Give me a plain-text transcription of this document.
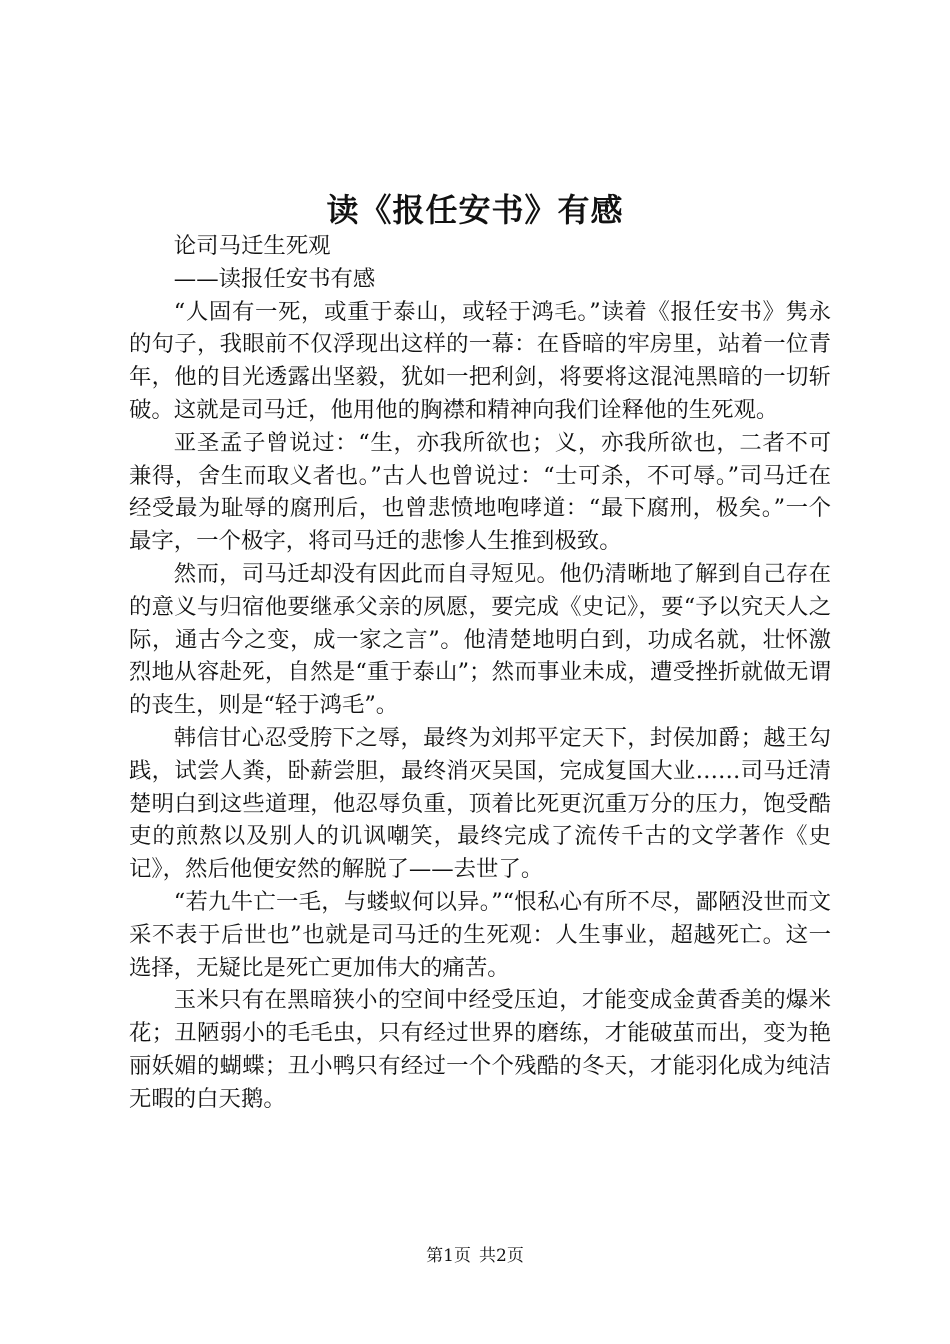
读《报任安书》有感

论司马迁生死观

——读报任安书有感

“人固有一死，或重于泰山，或轻于鸿毛。”读着《报任安书》隽永的句子，我眼前不仅浮现出这样的一幕：在昏暗的牢房里，站着一位青年，他的目光透露出坚毅，犹如一把利剑，将要将这混沌黑暗的一切斩破。这就是司马迁，他用他的胸襟和精神向我们诠释他的生死观。

亚圣孟子曾说过：“生，亦我所欲也；义，亦我所欲也，二者不可兼得，舍生而取义者也。”古人也曾说过：“士可杀，不可辱。”司马迁在经受最为耻辱的腐刑后，也曾悲愤地咆哮道：“最下腐刑，极矣。”一个最字，一个极字，将司马迁的悲惨人生推到极致。

然而，司马迁却没有因此而自寻短见。他仍清晰地了解到自己存在的意义与归宿他要继承父亲的夙愿，要完成《史记》，要“予以究天人之际，通古今之变，成一家之言”。他清楚地明白到，功成名就，壮怀激烈地从容赴死，自然是“重于泰山”；然而事业未成，遭受挫折就做无谓的丧生，则是“轻于鸿毛”。

韩信甘心忍受胯下之辱，最终为刘邦平定天下，封侯加爵；越王勾践，试尝人粪，卧薪尝胆，最终消灭吴国，完成复国大业……司马迁清楚明白到这些道理，他忍辱负重，顶着比死更沉重万分的压力，饱受酷吏的煎熬以及别人的讥讽嘲笑，最终完成了流传千古的文学著作《史记》，然后他便安然的解脱了——去世了。

“若九牛亡一毛，与蝼蚁何以异。”“恨私心有所不尽，鄙陋没世而文采不表于后世也”也就是司马迁的生死观：人生事业，超越死亡。这一选择，无疑比是死亡更加伟大的痛苦。

玉米只有在黑暗狭小的空间中经受压迫，才能变成金黄香美的爆米花；丑陋弱小的毛毛虫，只有经过世界的磨练，才能破茧而出，变为艳丽妖媚的蝴蝶；丑小鸭只有经过一个个残酷的冬天，才能羽化成为纯洁无暇的白天鹅。

第1页 共2页
